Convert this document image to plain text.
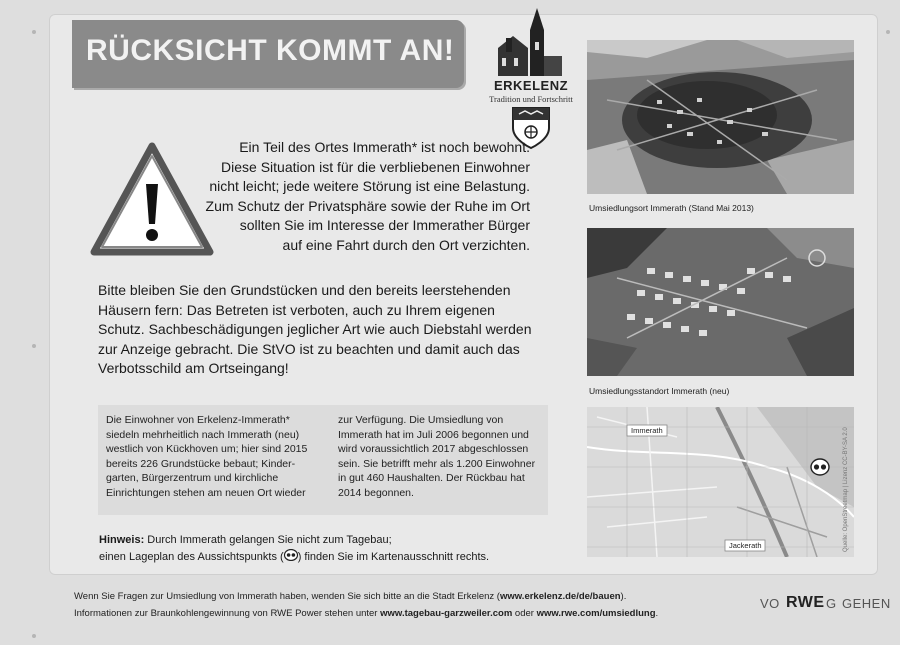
RÜCKSICHT KOMMT AN!
ERKELENZ
Tradition und Fortschritt
Ein Teil des Ortes Immerath* ist noch bewohnt.
Diese Situation ist für die verbliebenen Einwohner
nicht leicht; jede weitere Störung ist eine Belastung.
Zum Schutz der Privatsphäre sowie der Ruhe im Ort
sollten Sie im Interesse der Immerather Bürger
auf eine Fahrt durch den Ort verzichten.
Bitte bleiben Sie den Grundstücken und den bereits leerstehenden
Häusern fern: Das Betreten ist verboten, auch zu Ihrem eigenen
Schutz. Sachbeschädigungen jeglicher Art wie auch Diebstahl werden
zur Anzeige gebracht. Die StVO ist zu beachten und damit auch das
Verbotsschild am Ortseingang!
Die Einwohner von Erkelenz-Immerath*
siedeln mehrheitlich nach Immerath (neu)
westlich von Kückhoven um; hier sind 2015
bereits 226 Grundstücke bebaut; Kinder-
garten, Bürgerzentrum und kirchliche
Einrichtungen stehen am neuen Ort wieder
zur Verfügung. Die Umsiedlung von
Immerath hat im Juli 2006 begonnen und
wird voraussichtlich 2017 abgeschlossen
sein. Sie betrifft mehr als 1.200 Einwohner
in gut 460 Haushalten. Der Rückbau hat
2014 begonnen.
Hinweis: Durch Immerath gelangen Sie nicht zum Tagebau;
einen Lageplan des Aussichtspunkts ( ) finden Sie im Kartenausschnitt rechts.
Umsiedlungsort Immerath (Stand Mai 2013)
Umsiedlungsstandort Immerath (neu)
Immerath
Jackerath	Quelle: OpenStreetmap | Lizenz CC-BY-SA 2.0
Wenn Sie Fragen zur Umsiedlung von Immerath haben, wenden Sie sich bitte an die Stadt Erkelenz (www.erkelenz.de/de/bauen).
Informationen zur Braunkohlengewinnung von RWE Power stehen unter www.tagebau-garzweiler.com oder www.rwe.com/umsiedlung.
VO RWE G GEHEN
